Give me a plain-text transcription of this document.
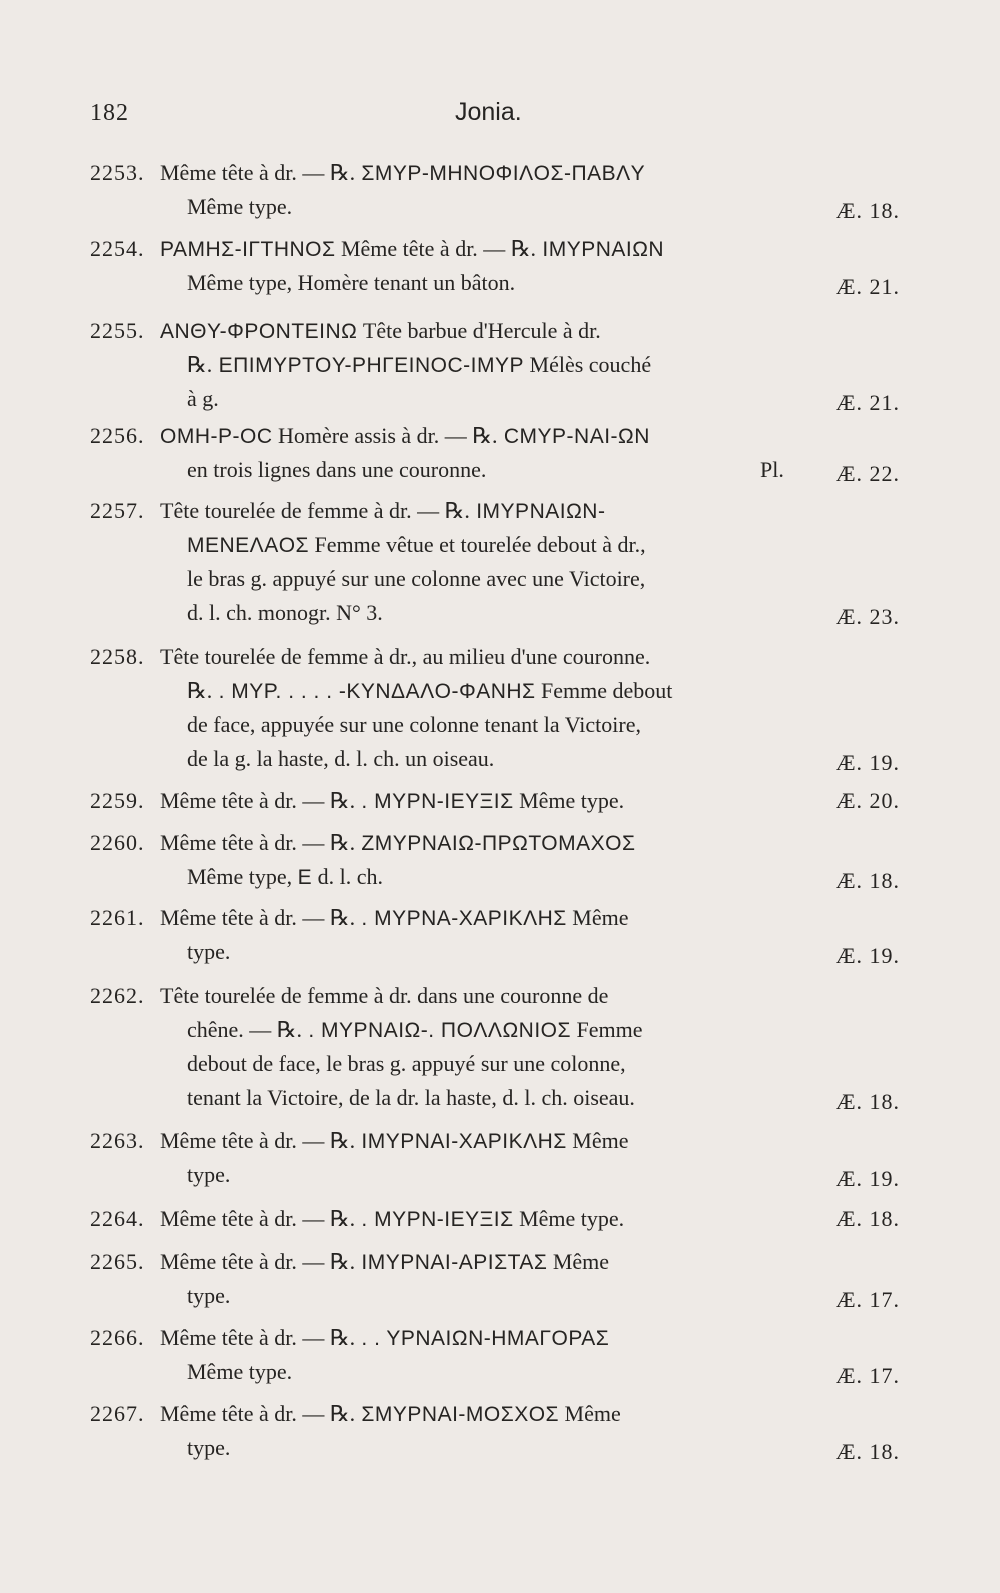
182	Jonia.
2253. Même tête à dr. — ℞. ΣMYP-MHNOΦIΛOΣ-ΠABΛY
Même type.	Æ. 18.
2254. PAMHΣ-IΓTHNOΣ Même tête à dr. — ℞. IMYPNAIΩN
Même type, Homère tenant un bâton.	Æ. 21.
2255. ANΘY-ΦPONTEINΩ Tête barbue d'Hercule à dr.
℞. EΠIMYPTOY-PHΓEINOC-IMYP Mélès couché
à g.	Æ. 21.
2256. OMH-P-OC Homère assis à dr. — ℞. CMYP-NAI-ΩN
en trois lignes dans une couronne.	Pl. Æ. 22.
2257. Tête tourelée de femme à dr. — ℞. IMYPNAIΩN-
MENEΛAOΣ Femme vêtue et tourelée debout à dr.,
le bras g. appuyé sur une colonne avec une Victoire,
d. l. ch. monogr. N° 3.	Æ. 23.
2258. Tête tourelée de femme à dr., au milieu d'une couronne.
℞. . MYP. . . . . -KYNΔAΛO-ΦANHΣ Femme debout
de face, appuyée sur une colonne tenant la Victoire,
de la g. la haste, d. l. ch. un oiseau.	Æ. 19.
2259. Même tête à dr. — ℞. . MYPN-IEYΞIΣ Même type.	Æ. 20.
2260. Même tête à dr. — ℞. ZMYPNAIΩ-ΠPΩTOMAXOΣ
Même type, E d. l. ch.	Æ. 18.
2261. Même tête à dr. — ℞. . MYPNA-XAPIKΛHΣ Même
type.	Æ. 19.
2262. Tête tourelée de femme à dr. dans une couronne de
chêne. — ℞. . MYPNAIΩ-. ΠOΛΛΩNIOΣ Femme
debout de face, le bras g. appuyé sur une colonne,
tenant la Victoire, de la dr. la haste, d. l. ch. oiseau.	Æ. 18.
2263. Même tête à dr. — ℞. IMYPNAI-XAPIKΛHΣ Même
type.	Æ. 19.
2264. Même tête à dr. — ℞. . MYPN-IEYΞIΣ Même type.	Æ. 18.
2265. Même tête à dr. — ℞. IMYPNAI-APIΣTAΣ Même
type.	Æ. 17.
2266. Même tête à dr. — ℞. . . YPNAIΩN-HMAΓOPAΣ
Même type.	Æ. 17.
2267. Même tête à dr. — ℞. ΣMYPNAI-MOΣXOΣ Même
type.	Æ. 18.
